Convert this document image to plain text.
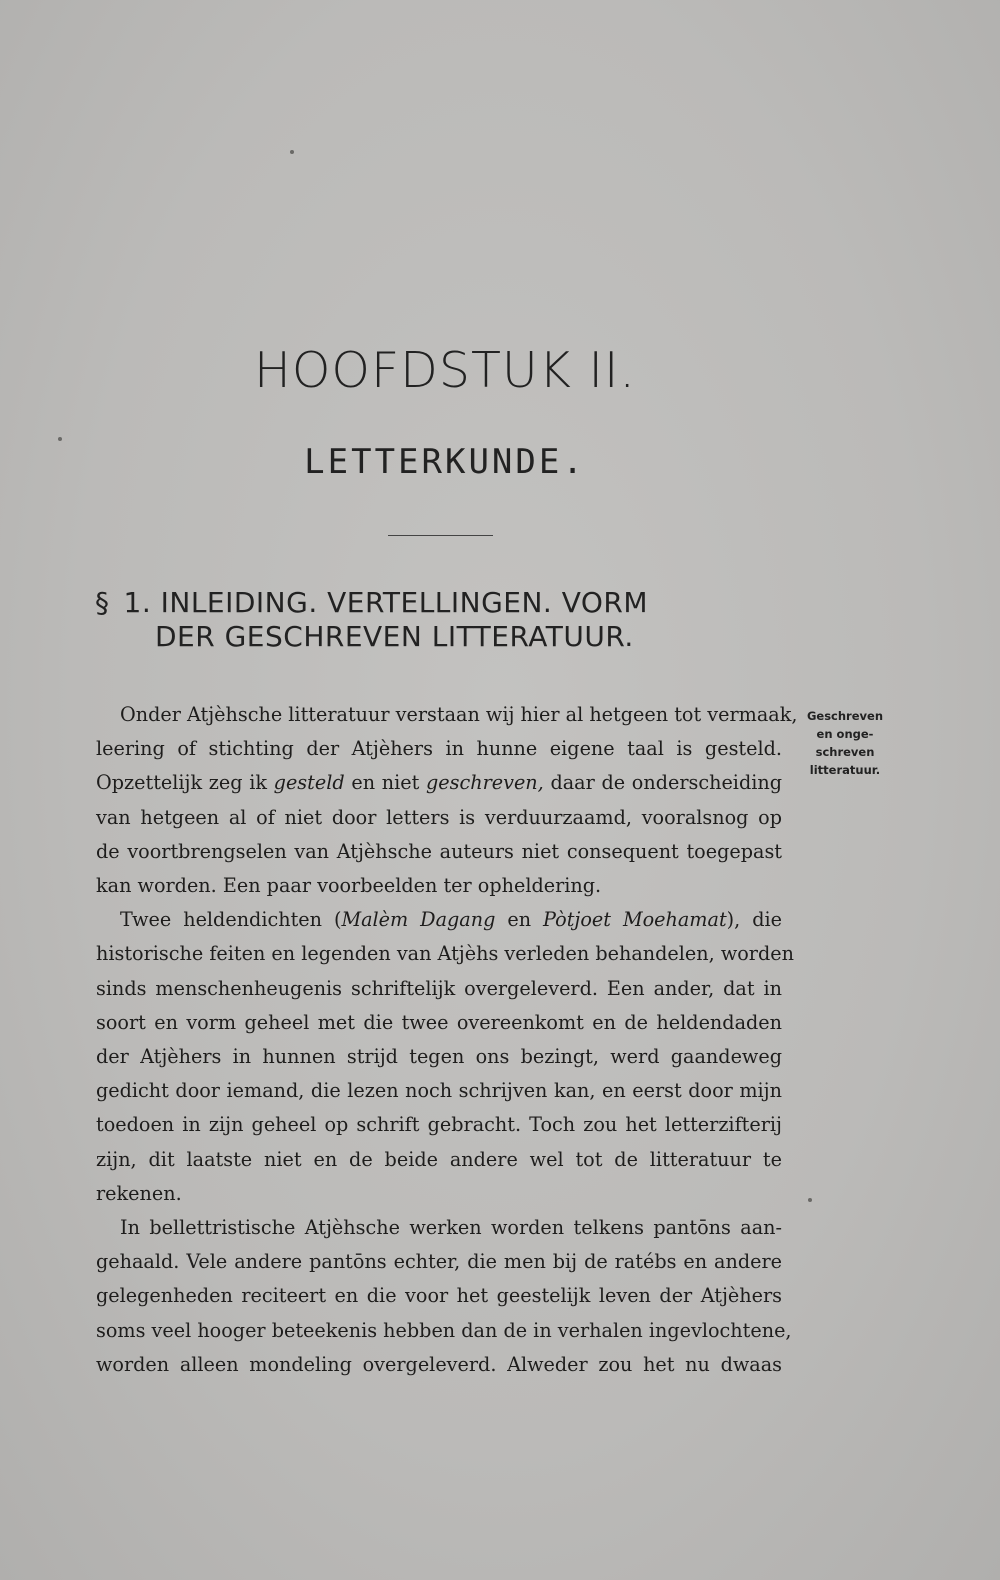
HOOFDSTUK II.
LETTERKUNDE.
§ 1. INLEIDING. VERTELLINGEN. VORM
DER GESCHREVEN LITTERATUUR.
Geschreven
en onge-
schreven
litteratuur.
Onder Atjèhsche litteratuur verstaan wij hier al hetgeen tot vermaak,
leering of stichting der Atjèhers in hunne eigene taal is gesteld.
Opzettelijk zeg ik gesteld en niet geschreven, daar de onderscheiding
van hetgeen al of niet door letters is verduurzaamd, vooralsnog op
de voortbrengselen van Atjèhsche auteurs niet consequent toegepast
kan worden. Een paar voorbeelden ter opheldering.
Twee heldendichten (Malèm Dagang en Pòtjoet Moehamat), die
historische feiten en legenden van Atjèhs verleden behandelen, worden
sinds menschenheugenis schriftelijk overgeleverd. Een ander, dat in
soort en vorm geheel met die twee overeenkomt en de heldendaden
der Atjèhers in hunnen strijd tegen ons bezingt, werd gaandeweg
gedicht door iemand, die lezen noch schrijven kan, en eerst door mijn
toedoen in zijn geheel op schrift gebracht. Toch zou het letterzifterij
zijn, dit laatste niet en de beide andere wel tot de litteratuur te
rekenen.
In bellettristische Atjèhsche werken worden telkens pantōns aan-
gehaald. Vele andere pantōns echter, die men bij de ratébs en andere
gelegenheden reciteert en die voor het geestelijk leven der Atjèhers
soms veel hooger beteekenis hebben dan de in verhalen ingevlochtene,
worden alleen mondeling overgeleverd. Alweder zou het nu dwaas
